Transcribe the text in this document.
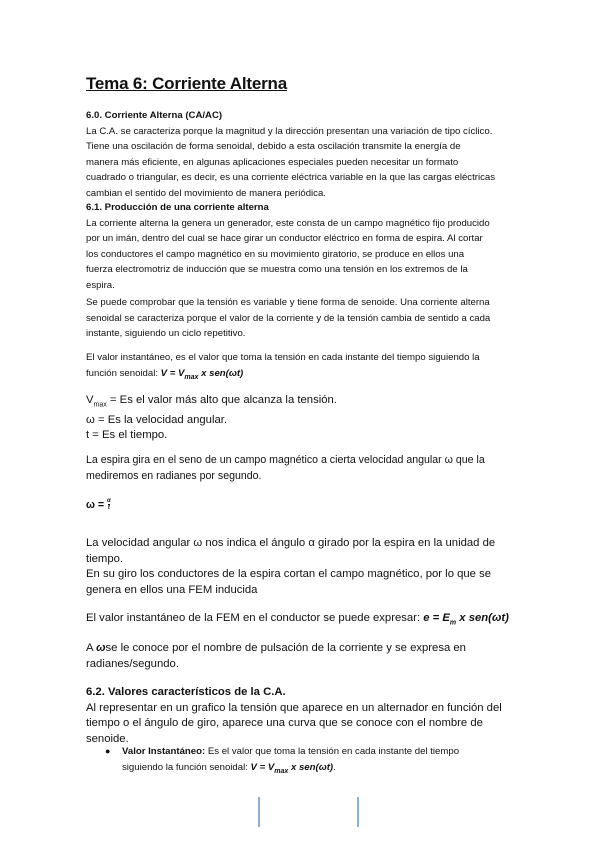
Tema 6: Corriente Alterna
6.0. Corriente Alterna (CA/AC)
La C.A. se caracteriza porque la magnitud y la dirección presentan una variación de tipo cíclico.
Tiene una oscilación de forma senoidal, debido a esta oscilación transmite la energía de
manera más eficiente, en algunas aplicaciones especiales pueden necesitar un formato
cuadrado o triangular, es decir, es una corriente eléctrica variable en la que las cargas eléctricas
cambian el sentido del movimiento de manera periódica.
6.1. Producción de una corriente alterna
La corriente alterna la genera un generador, este consta de un campo magnético fijo producido
por un imán, dentro del cual se hace girar un conductor eléctrico en forma de espira. Al cortar
los conductores el campo magnético en su movimiento giratorio, se produce en ellos una
fuerza electromotriz de inducción que se muestra como una tensión en los extremos de la
espira.
Se puede comprobar que la tensión es variable y tiene forma de senoide. Una corriente alterna
senoidal se caracteriza porque el valor de la corriente y de la tensión cambia de sentido a cada
instante, siguiendo un ciclo repetitivo.
El valor instantáneo, es el valor que toma la tensión en cada instante del tiempo siguiendo la
función senoidal: $V = V_{max}$ x sen(ωt)
$V_{max} = Es$ el valor más alto que alcanza la tensión.
ω = Es la velocidad angular.
t = Es el tiempo.
La espira gira en el seno de un campo magnético a cierta velocidad angular ω que la
mediremos en radianes por segundo.
$\omega = \frac{\alpha}{t}$
La velocidad angular ω nos indica el ángulo α girado por la espira en la unidad de
tiempo.
En su giro los conductores de la espira cortan el campo magnético, por lo que se
genera en ellos una FEM inducida
El valor instantáneo de la FEM en el conductor se puede expresar: $e = E_m$ x sen(ωt)
A ωse le conoce por el nombre de pulsación de la corriente y se expresa en
radianes/segundo.
6.2. Valores característicos de la C.A.
Al representar en un grafico la tensión que aparece en un alternador en función del
tiempo o el ángulo de giro, aparece una curva que se conoce con el nombre de
senoide.
● Valor Instantáneo: Es el valor que toma la tensión en cada instante del tiempo
siguiendo la función senoidal: $V = V_{max}$ x sen(ωt).
